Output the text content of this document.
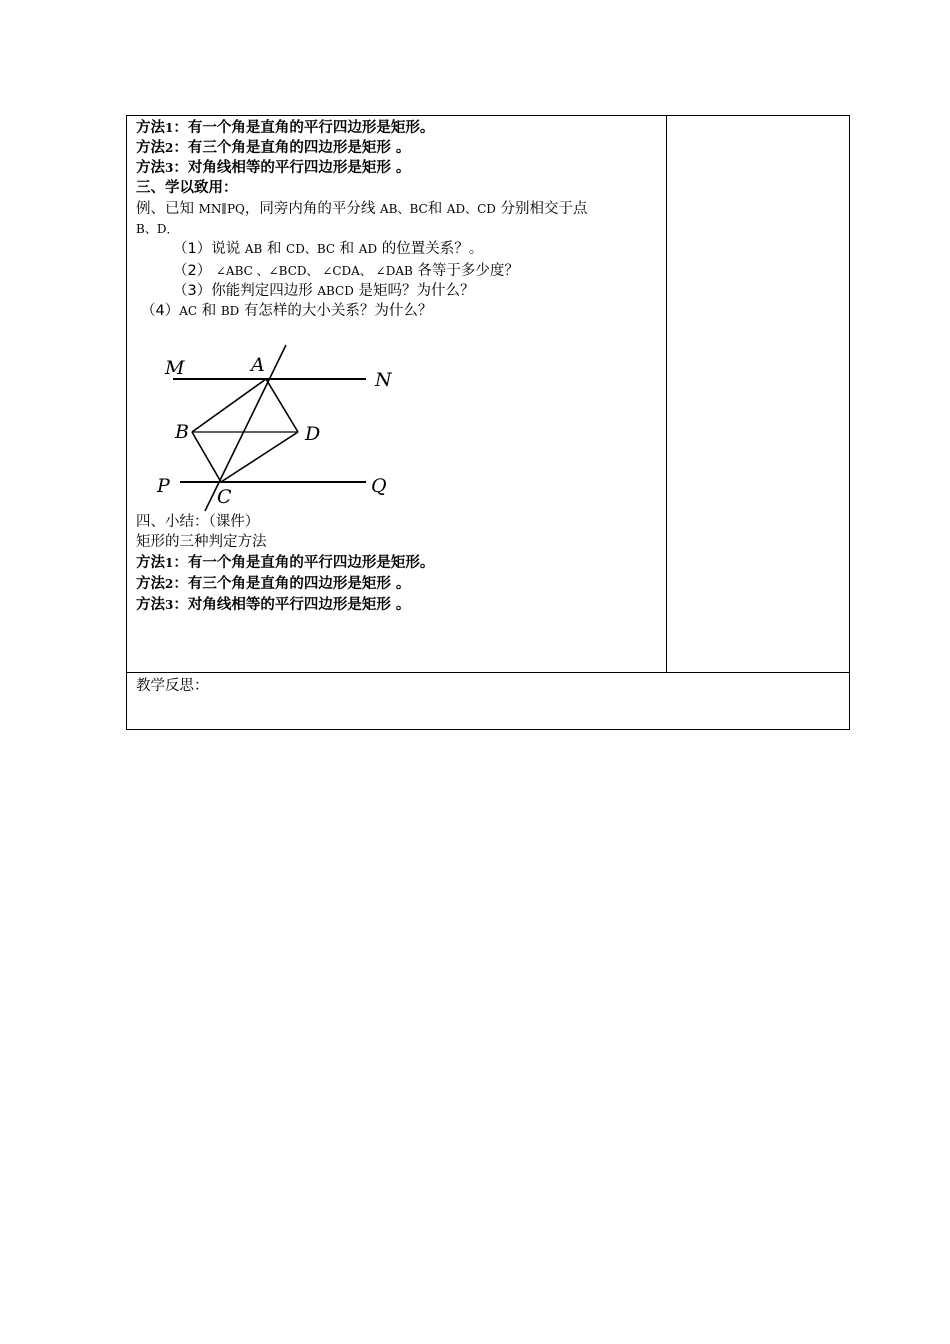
方法1：有一个角是直角的平行四边形是矩形。
方法2：有三个角是直角的四边形是矩形 。
方法3：对角线相等的平行四边形是矩形 。
三、学以致用：
例、已知 MN∥PQ，同旁内角的平分线 AB、BC和 AD、CD 分别相交于点
B、D．
（1）说说 AB 和 CD、BC 和 AD 的位置关系？。
（2） ∠ABC 、∠BCD、 ∠CDA、 ∠DAB 各等于多少度？
（3）你能判定四边形 ABCD 是矩吗？为什么？
（4）AC 和 BD 有怎样的大小关系？为什么？
M	A
N
B	D
P C	Q
四、小结：（课件）
矩形的三种判定方法
方法1：有一个角是直角的平行四边形是矩形。
方法2：有三个角是直角的四边形是矩形 。
方法3：对角线相等的平行四边形是矩形 。
教学反思：
